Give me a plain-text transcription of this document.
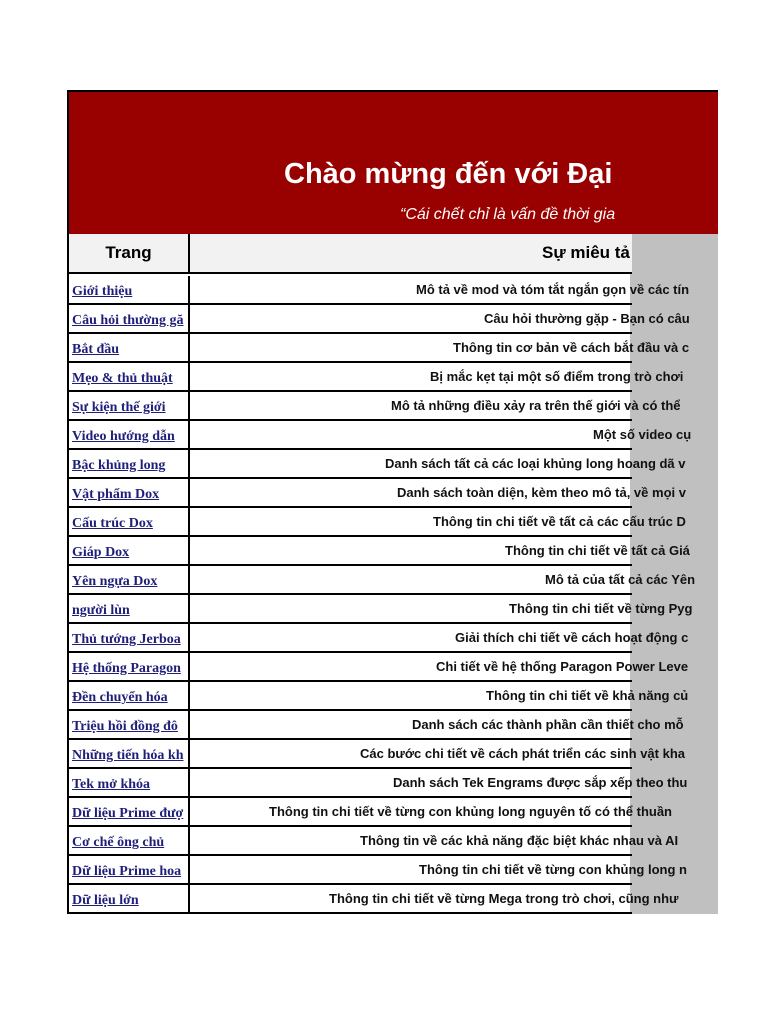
Chào mừng đến với Đại
“Cái chết chỉ là vấn đề thời gia
Trang	Sự miêu tả
Giới thiệu	Mô tả về mod và tóm tắt ngắn gọn về các tín
Câu hỏi thường gă	Câu hỏi thường gặp - Bạn có câu
Bắt đầu	Thông tin cơ bản về cách bắt đầu và c
Mẹo & thủ thuật	Bị mắc kẹt tại một số điểm trong trò chơi
Sự kiện thế giới	Mô tả những điều xảy ra trên thế giới và có thể
Video hướng dẫn	Một số video cụ
Bậc khủng long	Danh sách tất cả các loại khủng long hoang dã v
Vật phẩm Dox	Danh sách toàn diện, kèm theo mô tả, về mọi v
Cấu trúc Dox	Thông tin chi tiết về tất cả các cấu trúc D
Giáp Dox	Thông tin chi tiết về tất cả Giá
Yên ngựa Dox	Mô tả của tất cả các Yên
người lùn	Thông tin chi tiết về từng Pyg
Thủ tướng Jerboa	Giải thích chi tiết về cách hoạt động c
Hệ thống Paragon	Chi tiết về hệ thống Paragon Power Leve
Đền chuyển hóa	Thông tin chi tiết về khả năng củ
Triệu hồi đồng đô	Danh sách các thành phần cần thiết cho mỗ
Những tiến hóa kh	Các bước chi tiết về cách phát triển các sinh vật kha
Tek mở khóa	Danh sách Tek Engrams được sắp xếp theo thu
Dữ liệu Prime đượ	Thông tin chi tiết về từng con khủng long nguyên tố có thể thuần
Cơ chế ông chủ	Thông tin về các khả năng đặc biệt khác nhau và AI
Dữ liệu Prime hoa	Thông tin chi tiết về từng con khủng long n
Dữ liệu lớn	Thông tin chi tiết về từng Mega trong trò chơi, cũng như
